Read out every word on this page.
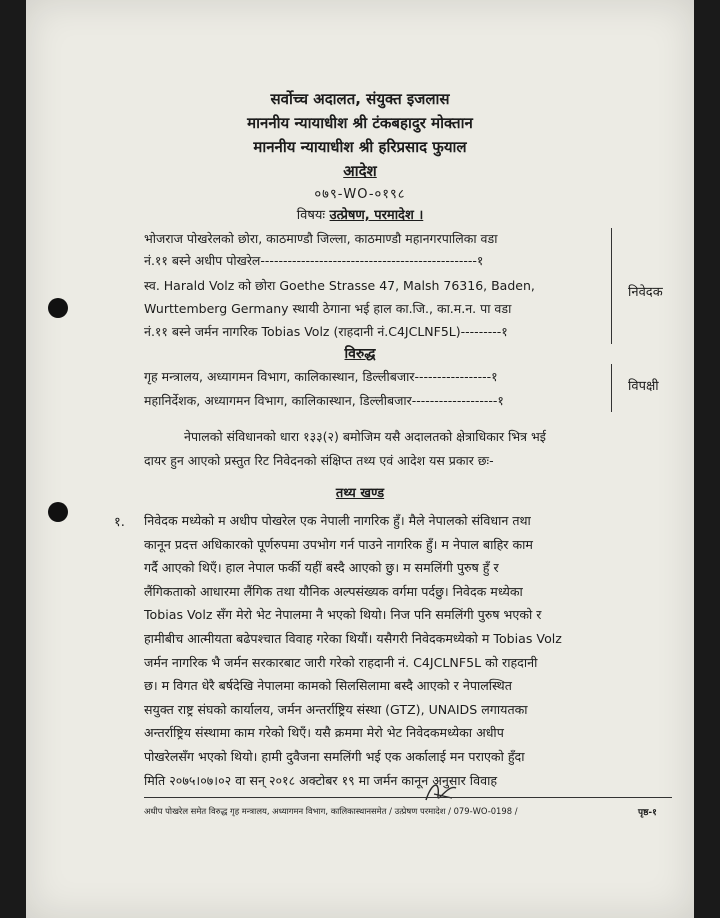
सर्वोच्च अदालत, संयुक्त इजलास
माननीय न्यायाधीश श्री टंकबहादुर मोक्तान
माननीय न्यायाधीश श्री हरिप्रसाद फुयाल
आदेश
०७९-WO-०१९८
विषयः उत्प्रेषण, परमादेश ।
भोजराज पोखरेलको छोरा, काठमाण्डौ जिल्ला, काठमाण्डौ महानगरपालिका वडा
नं.११ बस्ने अधीप पोखरेल------------------------------------------------१
स्व. Harald Volz को छोरा Goethe Strasse 47, Malsh 76316, Baden,
Wurttemberg Germany स्थायी ठेगाना भई हाल का.जि., का.म.न. पा वडा
नं.११ बस्ने जर्मन नागरिक Tobias Volz (राहदानी नं.C4JCLNF5L)---------१
निवेदक
विरुद्ध
गृह मन्त्रालय, अध्यागमन विभाग, कालिकास्थान, डिल्लीबजार-----------------१
महानिर्देशक, अध्यागमन विभाग, कालिकास्थान, डिल्लीबजार-------------------१
विपक्षी
नेपालको संविधानको धारा १३३(२) बमोजिम यसै अदालतको क्षेत्राधिकार भित्र भई
दायर हुन आएको प्रस्तुत रिट निवेदनको संक्षिप्त तथ्य एवं आदेश यस प्रकार छः-
तथ्य खण्ड
१. निवेदक मध्येको म अधीप पोखरेल एक नेपाली नागरिक हुँ। मैले नेपालको संविधान तथा
कानून प्रदत्त अधिकारको पूर्णरुपमा उपभोग गर्न पाउने नागरिक हुँ। म नेपाल बाहिर काम
गर्दै आएको थिएँ। हाल नेपाल फर्की यहीं बस्दै आएको छु। म समलिंगी पुरुष हुँ र
लैंगिकताको आधारमा लैंगिक तथा यौनिक अल्पसंख्यक वर्गमा पर्दछु। निवेदक मध्येका
Tobias Volz सँग मेरो भेट नेपालमा नै भएको थियो। निज पनि समलिंगी पुरुष भएको र
हामीबीच आत्मीयता बढेपश्चात विवाह गरेका थियौं। यसैगरी निवेदकमध्येको म Tobias Volz
जर्मन नागरिक भै जर्मन सरकारबाट जारी गरेको राहदानी नं. C4JCLNF5L को राहदानी
छ। म विगत धेरै बर्षदेखि नेपालमा कामको सिलसिलामा बस्दै आएको र नेपालस्थित
सयुक्त राष्ट्र संघको कार्यालय, जर्मन अन्तर्राष्ट्रिय संस्था (GTZ), UNAIDS लगायतका
अन्तर्राष्ट्रिय संस्थामा काम गरेको थिएँ। यसै क्रममा मेरो भेट निवेदकमध्येका अधीप
पोखरेलसँग भएको थियो। हामी दुवैजना समलिंगी भई एक अर्कालाई मन पराएको हुँदा
मिति २०७५।०७।०२ वा सन् २०१८ अक्टोबर १९ मा जर्मन कानून अनुसार विवाह
अधीप पोखरेल समेत विरुद्ध गृह मन्त्रालय, अध्यागमन विभाग, कालिकास्थानसमेत / उत्प्रेषण परमादेश / 079-WO-0198 /	पृष्ठ-१
